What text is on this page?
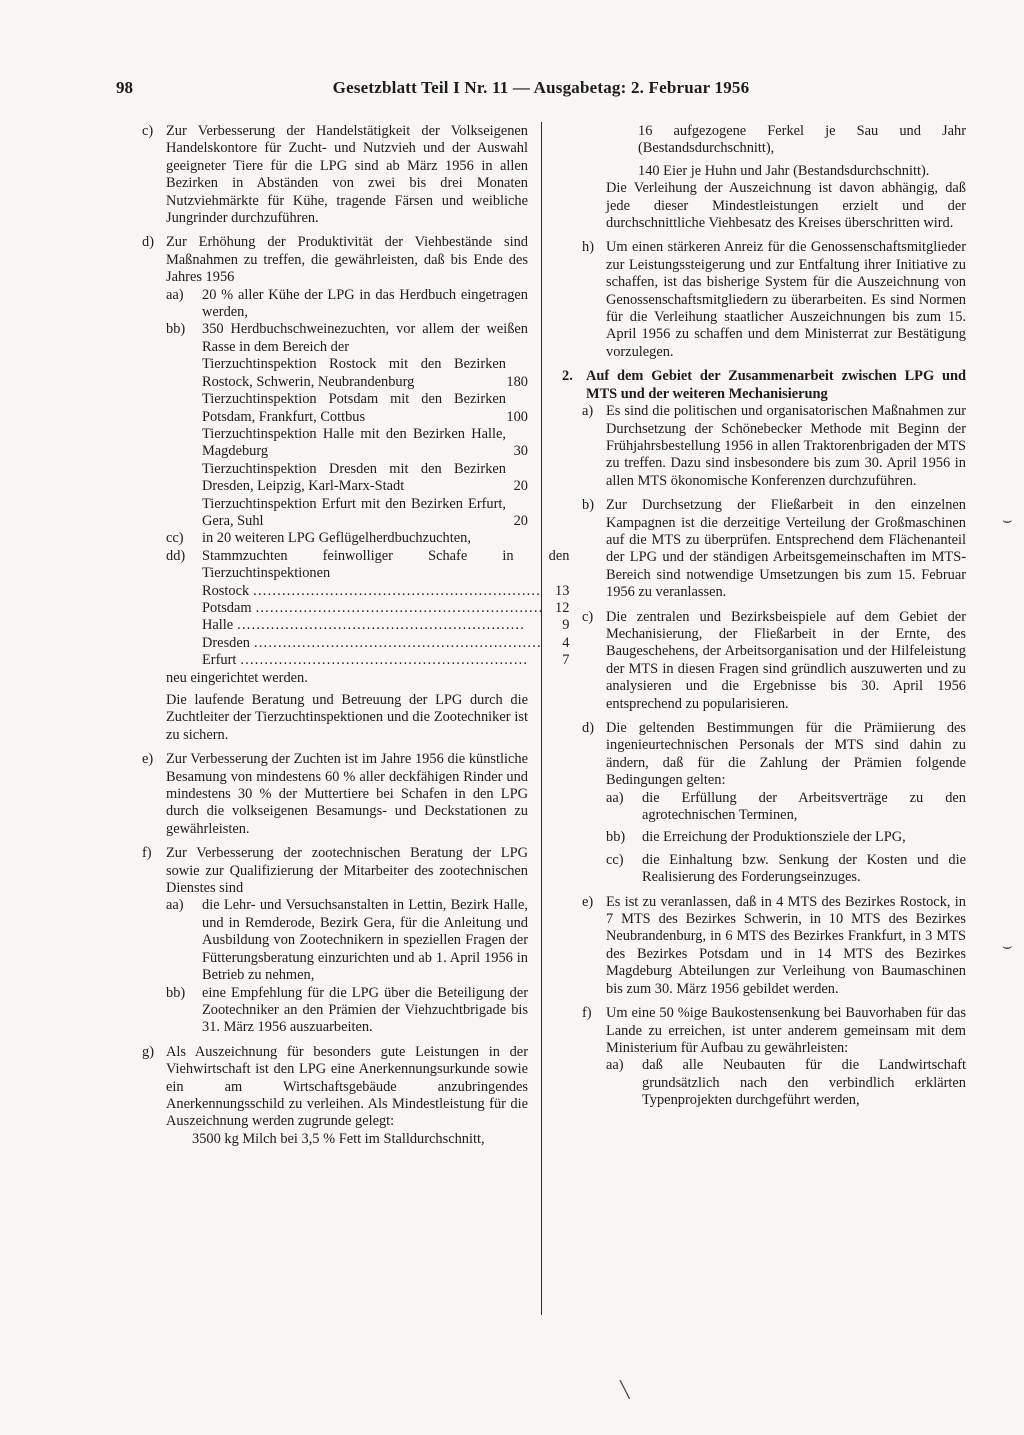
98	Gesetzblatt Teil I Nr. 11 — Ausgabetag: 2. Februar 1956
c) Zur Verbesserung der Handelstätigkeit der Volkseigenen Handelskontore für Zucht- und Nutzvieh und der Auswahl geeigneter Tiere für die LPG sind ab März 1956 in allen Bezirken in Abständen von zwei bis drei Monaten Nutzviehmärkte für Kühe, tragende Färsen und weibliche Jungrinder durchzuführen.
d) Zur Erhöhung der Produktivität der Viehbestände sind Maßnahmen zu treffen, die gewährleisten, daß bis Ende des Jahres 1956
aa)	20 % aller Kühe der LPG in das Herdbuch eingetragen werden,
bb)	350 Herdbuchschweinezuchten, vor allem der weißen Rasse in dem Bereich der
Tierzuchtinspektion Rostock mit den Bezirken Rostock, Schwerin, Neubrandenburg	180
Tierzuchtinspektion Potsdam mit den Bezirken Potsdam, Frankfurt, Cottbus	100
Tierzuchtinspektion Halle mit den Bezirken Halle, Magdeburg	30
Tierzuchtinspektion Dresden mit den Bezirken Dresden, Leipzig, Karl-Marx-Stadt	20
Tierzuchtinspektion Erfurt mit den Bezirken Erfurt, Gera, Suhl	20
cc)	in 20 weiteren LPG Geflügelherdbuchzuchten,
dd)	Stammzuchten feinwolliger Schafe in den Tierzuchtinspektionen
Rostock ............................................................ 13
Potsdam ............................................................ 12
Halle ............................................................	9
Dresden ............................................................	4
Erfurt ............................................................	7
neu eingerichtet werden.
Die laufende Beratung und Betreuung der LPG durch die Zuchtleiter der Tierzuchtinspektionen und die Zootechniker ist zu sichern.
e) Zur Verbesserung der Zuchten ist im Jahre 1956 die künstliche Besamung von mindestens 60 % aller deckfähigen Rinder und mindestens 30 % der Muttertiere bei Schafen in den LPG durch die volkseigenen Besamungs- und Deckstationen zu gewährleisten.
f)	Zur Verbesserung der zootechnischen Beratung der LPG sowie zur Qualifizierung der Mitarbeiter des zootechnischen Dienstes sind
aa)	die Lehr- und Versuchsanstalten in Lettin, Bezirk Halle, und in Remderode, Bezirk Gera, für die Anleitung und Ausbildung von Zootechnikern in speziellen Fragen der Fütterungsberatung einzurichten und ab 1. April 1956 in Betrieb zu nehmen,
bb)	eine Empfehlung für die LPG über die Beteiligung der Zootechniker an den Prämien der Viehzuchtbrigade bis 31. März 1956 auszuarbeiten.
g) Als Auszeichnung für besonders gute Leistungen in der Viehwirtschaft ist den LPG eine Anerkennungsurkunde sowie ein am Wirtschaftsgebäude anzubringendes Anerkennungsschild zu verleihen. Als Mindestleistung für die Auszeichnung werden zugrunde gelegt:
3500 kg Milch bei 3,5 % Fett im Stalldurchschnitt,
16 aufgezogene Ferkel je Sau und Jahr (Bestandsdurchschnitt),
140 Eier je Huhn und Jahr (Bestandsdurchschnitt).
Die Verleihung der Auszeichnung ist davon abhängig, daß jede dieser Mindestleistungen erzielt und der durchschnittliche Viehbesatz des Kreises überschritten wird.
h) Um einen stärkeren Anreiz für die Genossenschaftsmitglieder zur Leistungssteigerung und zur Entfaltung ihrer Initiative zu schaffen, ist das bisherige System für die Auszeichnung von Genossenschaftsmitgliedern zu überarbeiten. Es sind Normen für die Verleihung staatlicher Auszeichnungen bis zum 15. April 1956 zu schaffen und dem Ministerrat zur Bestätigung vorzulegen.
2. Auf dem Gebiet der Zusammenarbeit zwischen LPG und MTS und der weiteren Mechanisierung
a) Es sind die politischen und organisatorischen Maßnahmen zur Durchsetzung der Schönebecker Methode mit Beginn der Frühjahrsbestellung 1956 in allen Traktorenbrigaden der MTS zu treffen. Dazu sind insbesondere bis zum 30. April 1956 in allen MTS ökonomische Konferenzen durchzuführen.
b) Zur Durchsetzung der Fließarbeit in den einzelnen Kampagnen ist die derzeitige Verteilung der Großmaschinen auf die MTS zu überprüfen. Entsprechend dem Flächenanteil der LPG und der ständigen Arbeitsgemeinschaften im MTS-Bereich sind notwendige Umsetzungen bis zum 15. Februar 1956 zu veranlassen.
c) Die zentralen und Bezirksbeispiele auf dem Gebiet der Mechanisierung, der Fließarbeit in der Ernte, des Baugeschehens, der Arbeitsorganisation und der Hilfeleistung der MTS in diesen Fragen sind gründlich auszuwerten und zu analysieren und die Ergebnisse bis 30. April 1956 entsprechend zu popularisieren.
d) Die geltenden Bestimmungen für die Prämiierung des ingenieurtechnischen Personals der MTS sind dahin zu ändern, daß für die Zahlung der Prämien folgende Bedingungen gelten:
aa)	die Erfüllung der Arbeitsverträge zu den agrotechnischen Terminen,
bb)	die Erreichung der Produktionsziele der LPG,
cc)	die Einhaltung bzw. Senkung der Kosten und die Realisierung des Forderungseinzuges.
e) Es ist zu veranlassen, daß in 4 MTS des Bezirkes Rostock, in 7 MTS des Bezirkes Schwerin, in 10 MTS des Bezirkes Neubrandenburg, in 6 MTS des Bezirkes Frankfurt, in 3 MTS des Bezirkes Potsdam und in 14 MTS des Bezirkes Magdeburg Abteilungen zur Verleihung von Baumaschinen bis zum 30. März 1956 gebildet werden.
f)	Um eine 50 %ige Baukostensenkung bei Bauvorhaben für das Lande zu erreichen, ist unter anderem gemeinsam mit dem Ministerium für Aufbau zu gewährleisten:
aa)	daß alle Neubauten für die Landwirtschaft grundsätzlich nach den verbindlich erklärten Typenprojekten durchgeführt werden,
⌣
⌣
╲
